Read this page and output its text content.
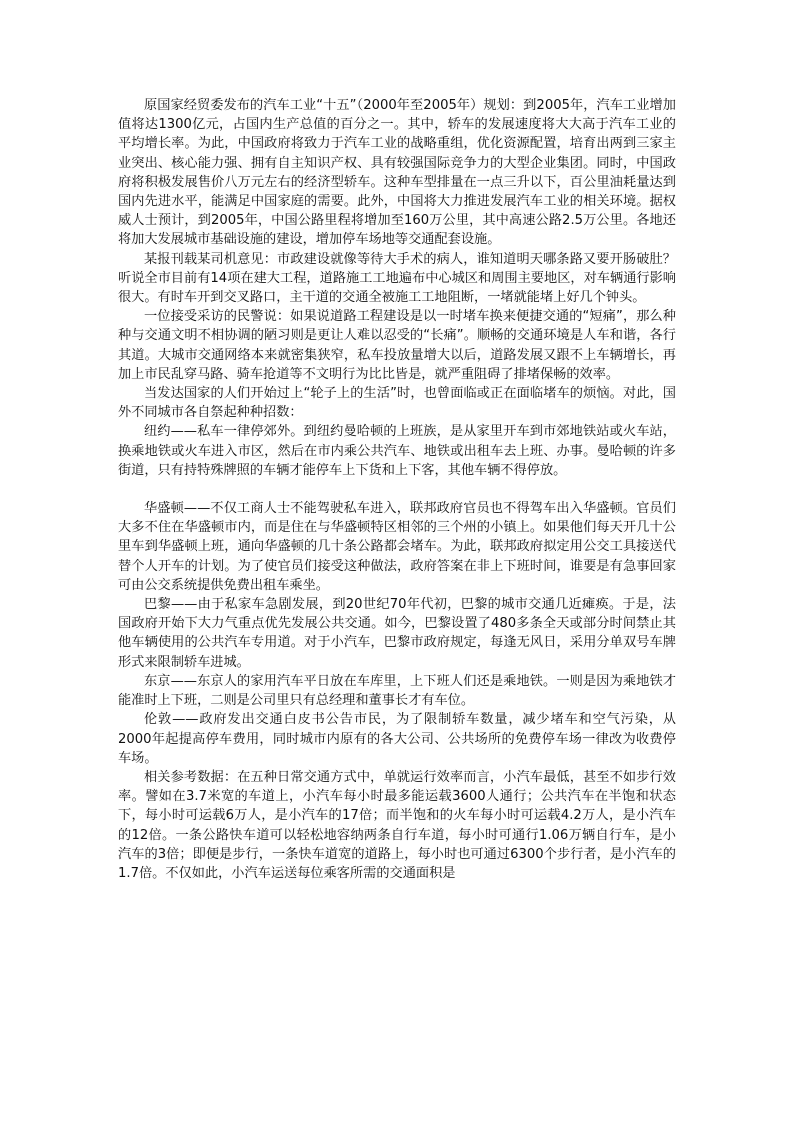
原国家经贸委发布的汽车工业“十五”（2000年至2005年）规划：到2005年，汽车工业增加值将达1300亿元，占国内生产总值的百分之一。其中，轿车的发展速度将大大高于汽车工业的平均增长率。为此，中国政府将致力于汽车工业的战略重组，优化资源配置，培育出两到三家主业突出、核心能力强、拥有自主知识产权、具有较强国际竞争力的大型企业集团。同时，中国政府将积极发展售价八万元左右的经济型轿车。这种车型排量在一点三升以下，百公里油耗量达到国内先进水平，能满足中国家庭的需要。此外，中国将大力推进发展汽车工业的相关环境。据权威人士预计，到2005年，中国公路里程将增加至160万公里，其中高速公路2.5万公里。各地还将加大发展城市基础设施的建设，增加停车场地等交通配套设施。

某报刊载某司机意见：市政建设就像等待大手术的病人，谁知道明天哪条路又要开肠破肚？听说全市目前有14项在建大工程，道路施工工地遍布中心城区和周围主要地区，对车辆通行影响很大。有时车开到交叉路口，主干道的交通全被施工工地阻断，一堵就能堵上好几个钟头。

一位接受采访的民警说：如果说道路工程建设是以一时堵车换来便捷交通的“短痛”，那么种种与交通文明不相协调的陋习则是更让人难以忍受的“长痛”。顺畅的交通环境是人车和谐，各行其道。大城市交通网络本来就密集狭窄，私车投放量增大以后，道路发展又跟不上车辆增长，再加上市民乱穿马路、骑车抢道等不文明行为比比皆是，就严重阻碍了排堵保畅的效率。

当发达国家的人们开始过上“轮子上的生活”时，也曾面临或正在面临堵车的烦恼。对此，国外不同城市各自祭起种种招数：

纽约——私车一律停郊外。到纽约曼哈顿的上班族，是从家里开车到市郊地铁站或火车站，换乘地铁或火车进入市区，然后在市内乘公共汽车、地铁或出租车去上班、办事。曼哈顿的许多街道，只有持特殊牌照的车辆才能停车上下货和上下客，其他车辆不得停放。

华盛顿——不仅工商人士不能驾驶私车进入，联邦政府官员也不得驾车出入华盛顿。官员们大多不住在华盛顿市内，而是住在与华盛顿特区相邻的三个州的小镇上。如果他们每天开几十公里车到华盛顿上班，通向华盛顿的几十条公路都会堵车。为此，联邦政府拟定用公交工具接送代替个人开车的计划。为了使官员们接受这种做法，政府答案在非上下班时间，谁要是有急事回家可由公交系统提供免费出租车乘坐。

巴黎——由于私家车急剧发展，到20世纪70年代初，巴黎的城市交通几近瘫痪。于是，法国政府开始下大力气重点优先发展公共交通。如今，巴黎设置了480多条全天或部分时间禁止其他车辆使用的公共汽车专用道。对于小汽车，巴黎市政府规定，每逢无风日，采用分单双号车牌形式来限制轿车进城。

东京——东京人的家用汽车平日放在车库里，上下班人们还是乘地铁。一则是因为乘地铁才能准时上下班，二则是公司里只有总经理和董事长才有车位。

伦敦——政府发出交通白皮书公告市民，为了限制轿车数量，减少堵车和空气污染，从2000年起提高停车费用，同时城市内原有的各大公司、公共场所的免费停车场一律改为收费停车场。

相关参考数据：在五种日常交通方式中，单就运行效率而言，小汽车最低，甚至不如步行效率。譬如在3.7米宽的车道上，小汽车每小时最多能运载3600人通行；公共汽车在半饱和状态下，每小时可运载6万人，是小汽车的17倍；而半饱和的火车每小时可运载4.2万人，是小汽车的12倍。一条公路快车道可以轻松地容纳两条自行车道，每小时可通行1.06万辆自行车，是小汽车的3倍；即便是步行，一条快车道宽的道路上，每小时也可通过6300个步行者，是小汽车的1.7倍。不仅如此，小汽车运送每位乘客所需的交通面积是
